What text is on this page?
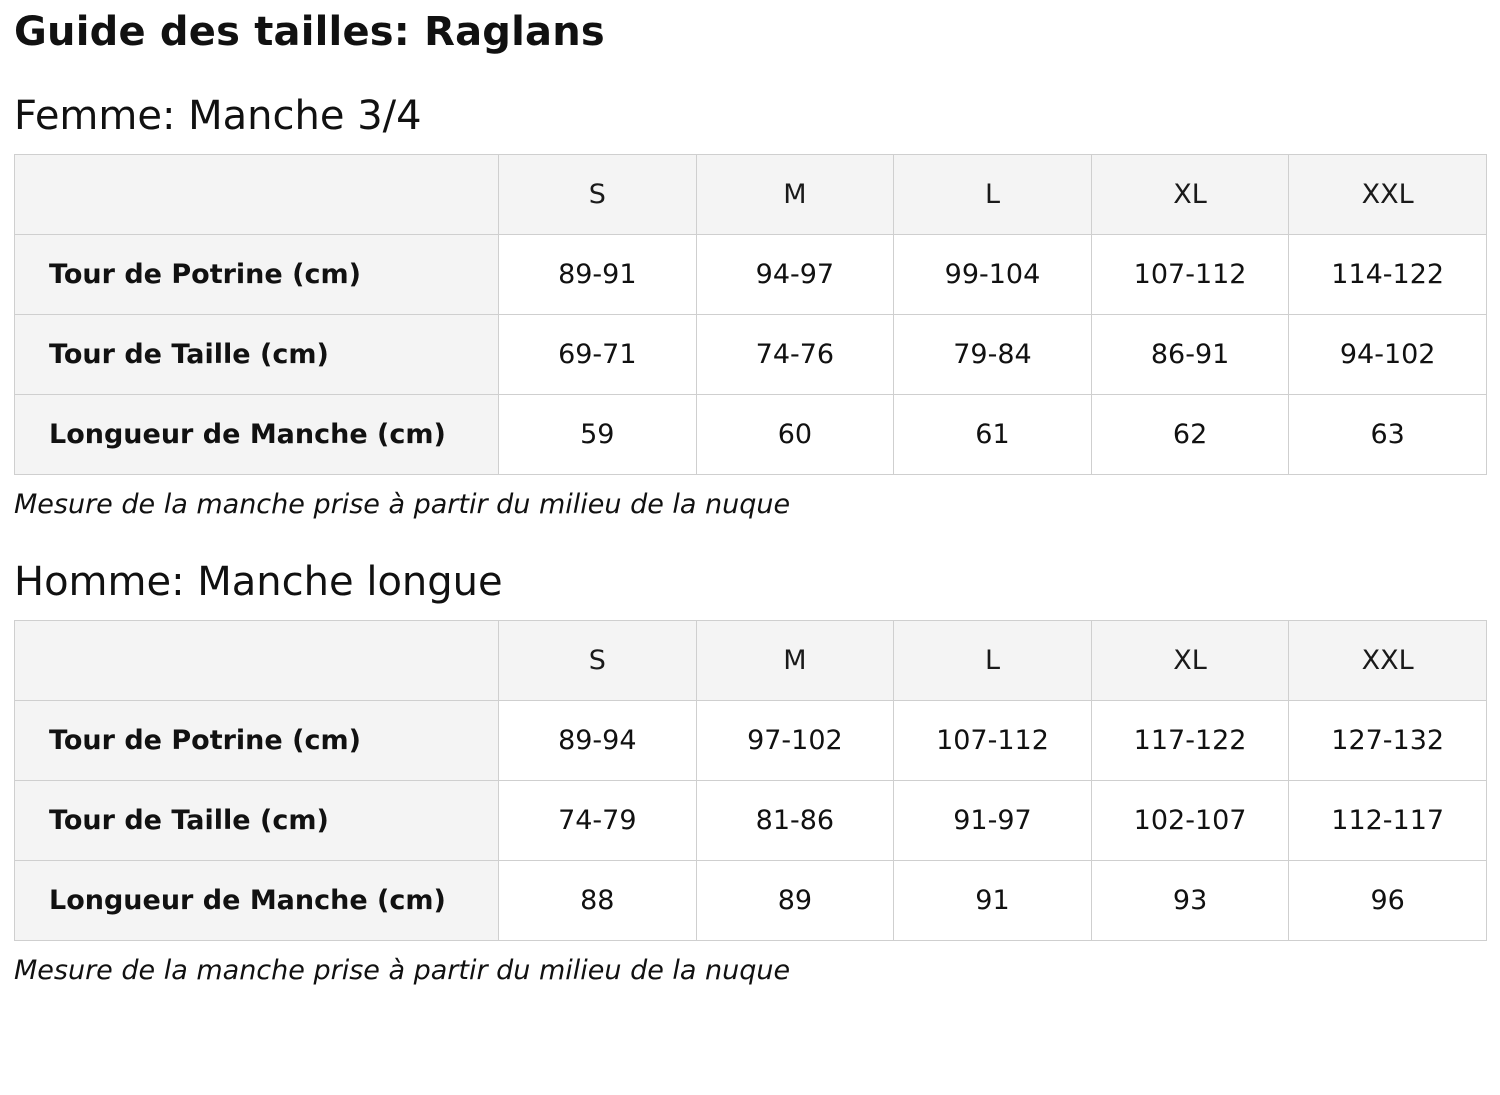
Guide des tailles: Raglans
Femme: Manche 3/4
	S	M	L	XL	XXL
Tour de Potrine (cm)	89-91	94-97	99-104	107-112	114-122
Tour de Taille (cm)	69-71	74-76	79-84	86-91	94-102
Longueur de Manche (cm)	59	60	61	62	63

Mesure de la manche prise à partir du milieu de la nuque

Homme: Manche longue
	S	M	L	XL	XXL
Tour de Potrine (cm)	89-94	97-102	107-112	117-122	127-132
Tour de Taille (cm)	74-79	81-86	91-97	102-107	112-117
Longueur de Manche (cm)	88	89	91	93	96

Mesure de la manche prise à partir du milieu de la nuque
